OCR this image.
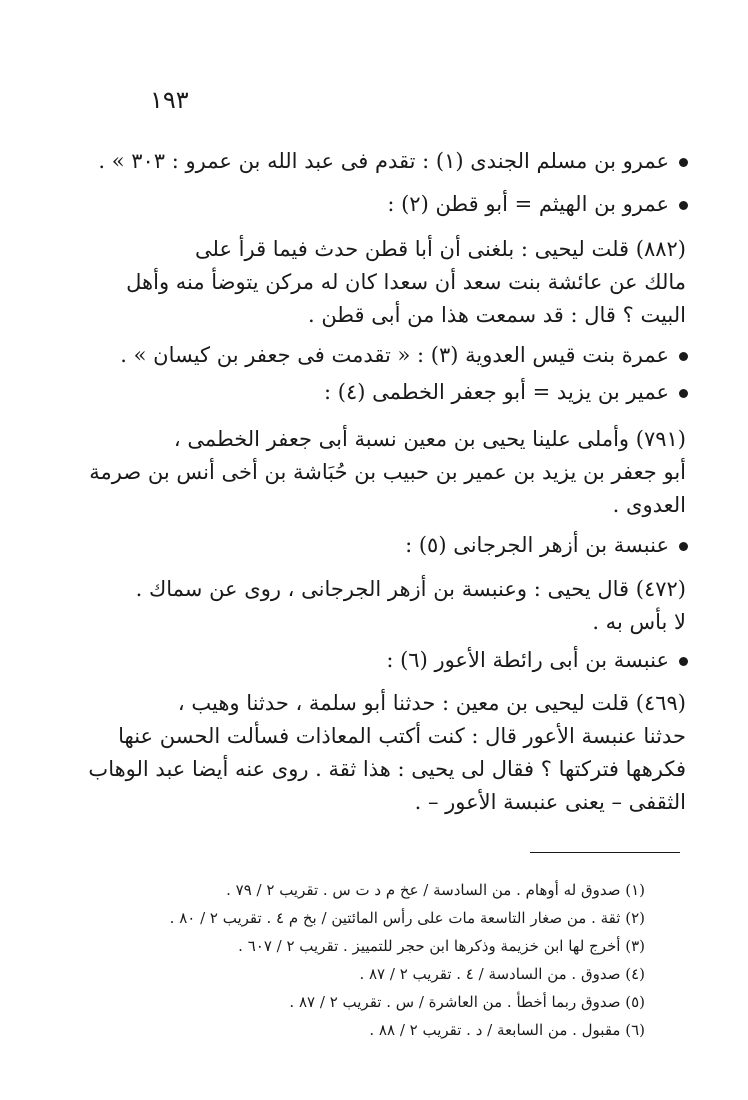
١٩٣
عمرو بن مسلم الجندى (١) : تقدم فى عبد الله بن عمرو : ٣٠٣ » .
عمرو بن الهيثم = أبو قطن (٢) :
(٨٨٢) قلت ليحيى : بلغنى أن أبا قطن حدث فيما قرأ على
مالك عن عائشة بنت سعد أن سعدا كان له مركن يتوضأ منه وأهل
البيت ؟ قال : قد سمعت هذا من أبى قطن .
عمرة بنت قيس العدوية (٣) : « تقدمت فى جعفر بن كيسان » .
عمير بن يزيد = أبو جعفر الخطمى (٤) :
(٧٩١) وأملى علينا يحيى بن معين نسبة أبى جعفر الخطمى ،
أبو جعفر بن يزيد بن عمير بن حبيب بن حُبَاشة بن أخى أنس بن صرمة
العدوى .
عنبسة بن أزهر الجرجانى (٥) :
(٤٧٢) قال يحيى : وعنبسة بن أزهر الجرجانى ، روى عن سماك .
لا بأس به .
عنبسة بن أبى رائطة الأعور (٦) :
(٤٦٩) قلت ليحيى بن معين : حدثنا أبو سلمة ، حدثنا وهيب ،
حدثنا عنبسة الأعور قال : كنت أكتب المعاذات فسألت الحسن عنها
فكرهها فتركتها ؟ فقال لى يحيى : هذا ثقة . روى عنه أيضا عبد الوهاب
الثقفى – يعنى عنبسة الأعور – .
(١) صدوق له أوهام . من السادسة / عخ م د ت س . تقريب ٢ / ٧٩ .
(٢) ثقة . من صغار التاسعة مات على رأس المائتين / بخ م ٤ . تقريب ٢ / ٨٠ .
(٣) أخرج لها ابن خزيمة وذكرها ابن حجر للتمييز . تقريب ٢ / ٦٠٧ .
(٤) صدوق . من السادسة / ٤ . تقريب ٢ / ٨٧ .
(٥) صدوق ربما أخطأ . من العاشرة / س . تقريب ٢ / ٨٧ .
(٦) مقبول . من السابعة / د . تقريب ٢ / ٨٨ .
